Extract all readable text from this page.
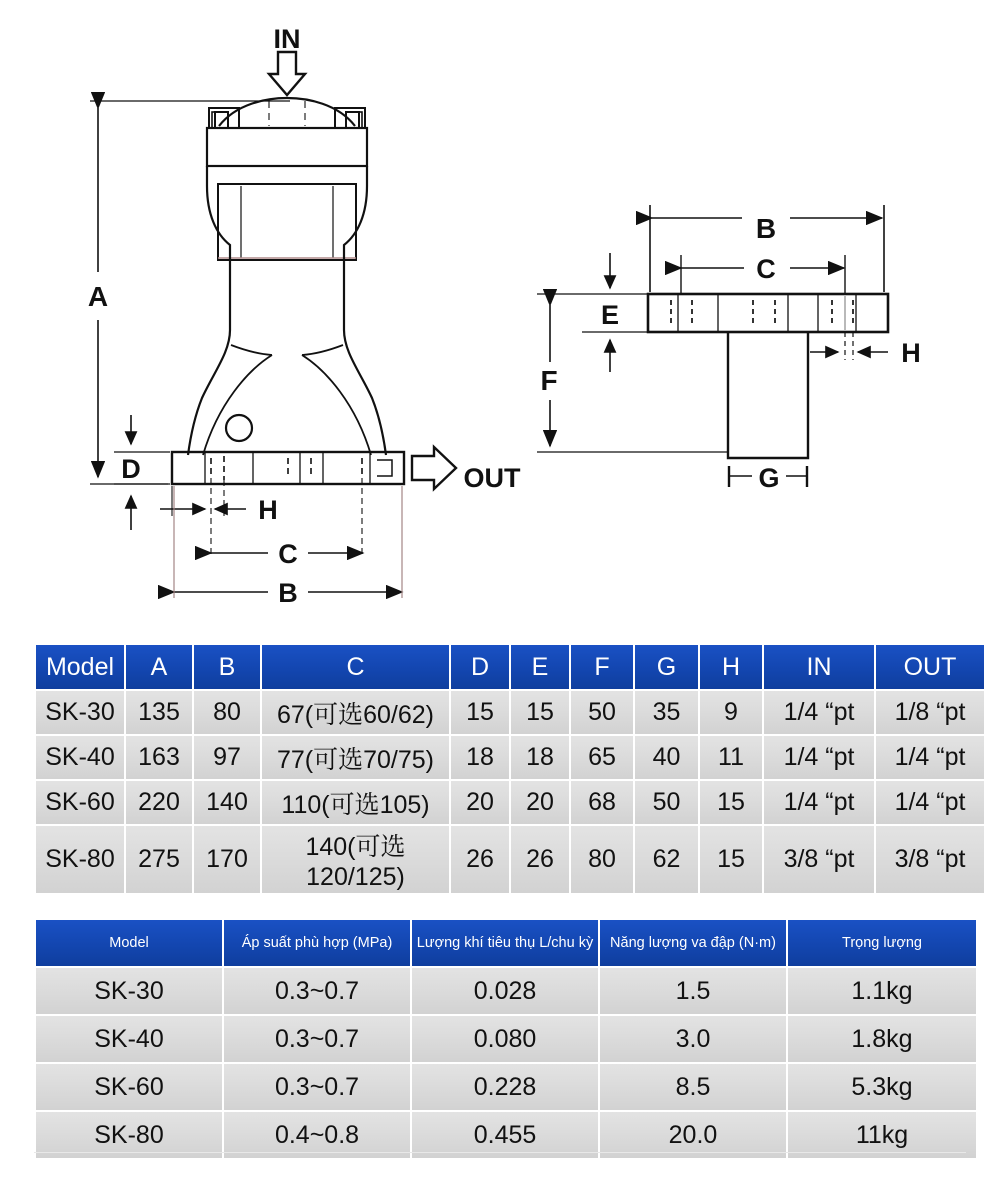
IN
OUT
A
D
H
C
B
B
C
E
F
G
H
Model	A	B	C	D	E	F	G	H	IN	OUT
SK-30	135	80	67(可选60/62)	15	15	50	35	9	1/4 “pt	1/8 “pt
SK-40	163	97	77(可选70/75)	18	18	65	40	11	1/4 “pt	1/4 “pt
SK-60	220	140	110(可选105)	20	20	68	50	15	1/4 “pt	1/4 “pt
SK-80	275	170	140(可选120/125)	26	26	80	62	15	3/8 “pt	3/8 “pt
Model	Áp suất phù hợp (MPa)	Lượng khí tiêu thụ L/chu kỳ	Năng lượng va đập (N·m)	Trọng lượng
SK-30	0.3~0.7	0.028	1.5	1.1kg
SK-40	0.3~0.7	0.080	3.0	1.8kg
SK-60	0.3~0.7	0.228	8.5	5.3kg
SK-80	0.4~0.8	0.455	20.0	11kg
